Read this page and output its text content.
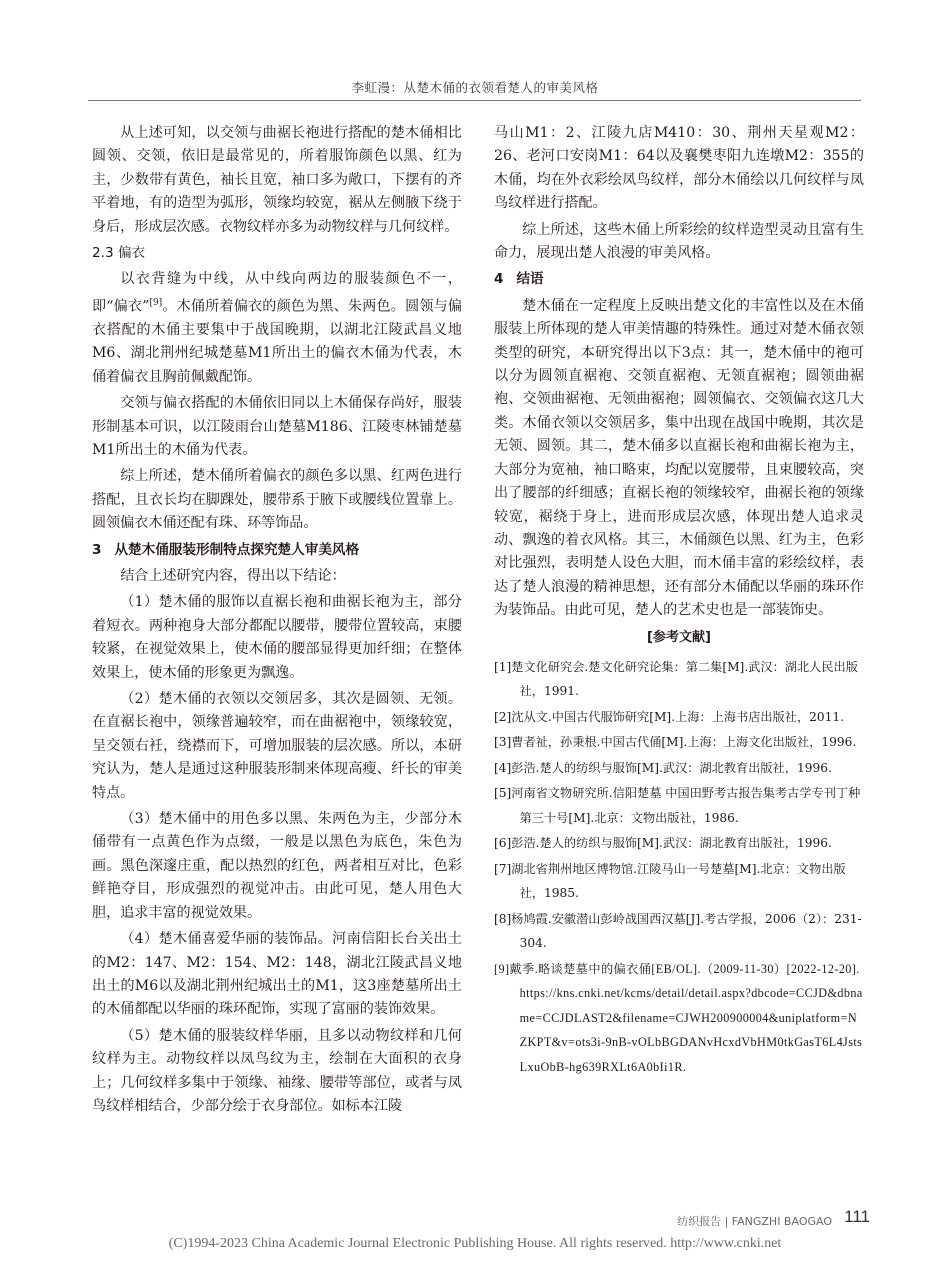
李虹漫：从楚木俑的衣领看楚人的审美风格

从上述可知，以交领与曲裾长袍进行搭配的楚木俑相比圆领、交领，依旧是最常见的，所着服饰颜色以黑、红为主，少数带有黄色，袖长且宽，袖口多为敞口，下摆有的齐平着地，有的造型为弧形，领缘均较宽，裾从左侧腋下绕于身后，形成层次感。衣物纹样亦多为动物纹样与几何纹样。

2.3 偏衣

以衣背缝为中线，从中线向两边的服装颜色不一，即“偏衣”[9]。木俑所着偏衣的颜色为黑、朱两色。圆领与偏衣搭配的木俑主要集中于战国晚期，以湖北江陵武昌义地M6、湖北荆州纪城楚墓M1所出土的偏衣木俑为代表，木俑着偏衣且胸前佩戴配饰。

交领与偏衣搭配的木俑依旧同以上木俑保存尚好，服装形制基本可识，以江陵雨台山楚墓M186、江陵枣林铺楚墓M1所出土的木俑为代表。

综上所述，楚木俑所着偏衣的颜色多以黑、红两色进行搭配，且衣长均在脚踝处，腰带系于腋下或腰线位置靠上。圆领偏衣木俑还配有珠、环等饰品。

3 从楚木俑服装形制特点探究楚人审美风格

结合上述研究内容，得出以下结论：

（1）楚木俑的服饰以直裾长袍和曲裾长袍为主，部分着短衣。两种袍身大部分都配以腰带，腰带位置较高，束腰较紧，在视觉效果上，使木俑的腰部显得更加纤细；在整体效果上，使木俑的形象更为飘逸。

（2）楚木俑的衣领以交领居多，其次是圆领、无领。在直裾长袍中，领缘普遍较窄，而在曲裾袍中，领缘较宽，呈交领右衽，绕襟而下，可增加服装的层次感。所以，本研究认为，楚人是通过这种服装形制来体现高瘦、纤长的审美特点。

（3）楚木俑中的用色多以黑、朱两色为主，少部分木俑带有一点黄色作为点缀，一般是以黑色为底色，朱色为画。黑色深邃庄重，配以热烈的红色，两者相互对比，色彩鲜艳夺目，形成强烈的视觉冲击。由此可见，楚人用色大胆，追求丰富的视觉效果。

（4）楚木俑喜爱华丽的装饰品。河南信阳长台关出土的M2：147、M2：154、M2：148，湖北江陵武昌义地出土的M6以及湖北荆州纪城出土的M1，这3座楚墓所出土的木俑都配以华丽的珠环配饰，实现了富丽的装饰效果。

（5）楚木俑的服装纹样华丽，且多以动物纹样和几何纹样为主。动物纹样以凤鸟纹为主，绘制在大面积的衣身上；几何纹样多集中于领缘、袖缘、腰带等部位，或者与凤鸟纹样相结合，少部分绘于衣身部位。如标本江陵

马山M1：2、江陵九店M410：30、荆州天星观M2：26、老河口安岗M1：64以及襄樊枣阳九连墩M2：355的木俑，均在外衣彩绘凤鸟纹样，部分木俑绘以几何纹样与凤鸟纹样进行搭配。

综上所述，这些木俑上所彩绘的纹样造型灵动且富有生命力，展现出楚人浪漫的审美风格。

4 结语

楚木俑在一定程度上反映出楚文化的丰富性以及在木俑服装上所体现的楚人审美情趣的特殊性。通过对楚木俑衣领类型的研究，本研究得出以下3点：其一，楚木俑中的袍可以分为圆领直裾袍、交领直裾袍、无领直裾袍；圆领曲裾袍、交领曲裾袍、无领曲裾袍；圆领偏衣、交领偏衣这几大类。木俑衣领以交领居多，集中出现在战国中晚期，其次是无领、圆领。其二，楚木俑多以直裾长袍和曲裾长袍为主，大部分为宽袖，袖口略束，均配以宽腰带，且束腰较高，突出了腰部的纤细感；直裾长袍的领缘较窄，曲裾长袍的领缘较宽，裾绕于身上，进而形成层次感，体现出楚人追求灵动、飘逸的着衣风格。其三，木俑颜色以黑、红为主，色彩对比强烈，表明楚人设色大胆，而木俑丰富的彩绘纹样，表达了楚人浪漫的精神思想，还有部分木俑配以华丽的珠环作为装饰品。由此可见，楚人的艺术史也是一部装饰史。

[参考文献]

[1]楚文化研究会.楚文化研究论集：第二集[M].武汉：湖北人民出版社，1991.

[2]沈从文.中国古代服饰研究[M].上海：上海书店出版社，2011.

[3]曹者祉，孙秉根.中国古代俑[M].上海：上海文化出版社，1996.

[4]彭浩.楚人的纺织与服饰[M].武汉：湖北教育出版社，1996.

[5]河南省文物研究所.信阳楚墓 中国田野考古报告集考古学专刊丁种第三十号[M].北京：文物出版社，1986.

[6]彭浩.楚人的纺织与服饰[M].武汉：湖北教育出版社，1996.

[7]湖北省荆州地区博物馆.江陵马山一号楚墓[M].北京：文物出版社，1985.

[8]杨鸠霞.安徽潜山彭岭战国西汉墓[J].考古学报，2006（2）：231-304.

[9]戴季.略谈楚墓中的偏衣俑[EB/OL].（2009-11-30）[2022-12-20].https://kns.cnki.net/kcms/detail/detail.aspx?dbcode=CCJD&dbname=CCJDLAST2&filename=CJWH200900004&uniplatform=NZKPT&v=ots3i-9nB-vOLbBGDANvHcxdVbHM0tkGasT6L4JstsLxuObB-hg639RXLt6A0bIi1R.

纺织报告 | FANGZHI BAOGAO 111
(C)1994-2023 China Academic Journal Electronic Publishing House. All rights reserved. http://www.cnki.net
